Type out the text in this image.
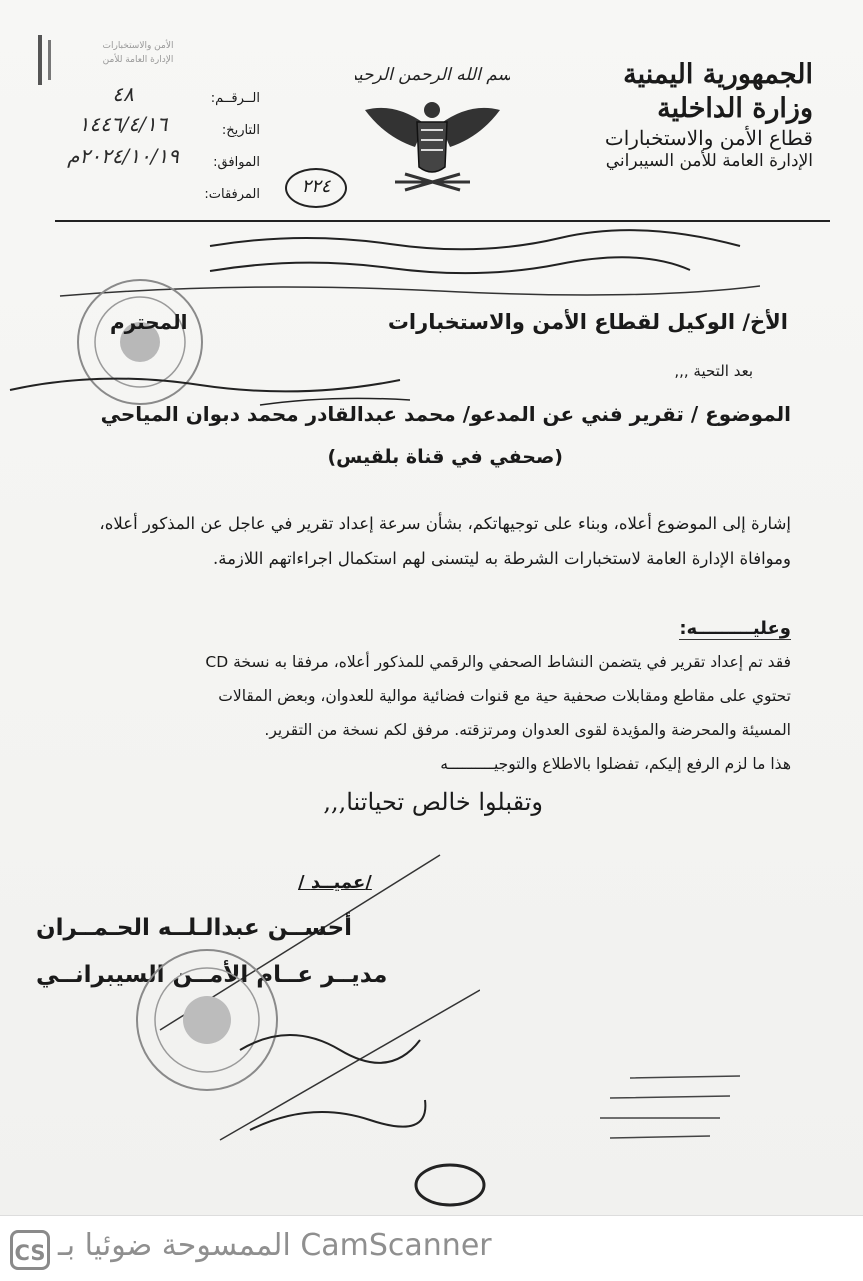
الأمن والاستخبارات
الإدارة العامة للأمن	الجمهورية اليمنية
وزارة الداخلية
قطاع الأمن والاستخبارات
الإدارة العامة للأمن السيبراني
بسم الله الرحمن الرحيم
الــرقــم:
التاريخ:
الموافق:
المرفقات:
٤٨
١٤٤٦/٤/١٦
٢٠٢٤/١٠/١٩م
٢٢٤
الأخ/ الوكيل لقطاع الأمن والاستخبارات
المحترم
بعد التحية ,,,
الموضوع / تقرير فني عن المدعو/ محمد عبدالقادر محمد دبوان المياحي
(صحفي في قناة بلقيس)
إشارة إلى الموضوع أعلاه، وبناء على توجيهاتكم، بشأن سرعة إعداد تقرير في عاجل عن المذكور أعلاه، وموافاة الإدارة العامة لاستخبارات الشرطة به ليتسنى لهم استكمال اجراءاتهم اللازمة.
وعليـــــــــه:
فقد تم إعداد تقرير في يتضمن النشاط الصحفي والرقمي للمذكور أعلاه، مرفقا به نسخة CD
تحتوي على مقاطع ومقابلات صحفية حية مع قنوات فضائية موالية للعدوان، وبعض المقالات
المسيئة والمحرضة والمؤيدة لقوى العدوان ومرتزقته. مرفق لكم نسخة من التقرير.
هذا ما لزم الرفع إليكم، تفضلوا بالاطلاع والتوجيــــــــــه
وتقبلوا خالص تحياتنا,,,
/ عميــد/
أحســن عبدالـلــه الحـمــران
مديــر عــام الأمــن السيبرانــي
CS الممسوحة ضوئيا بـ CamScanner
